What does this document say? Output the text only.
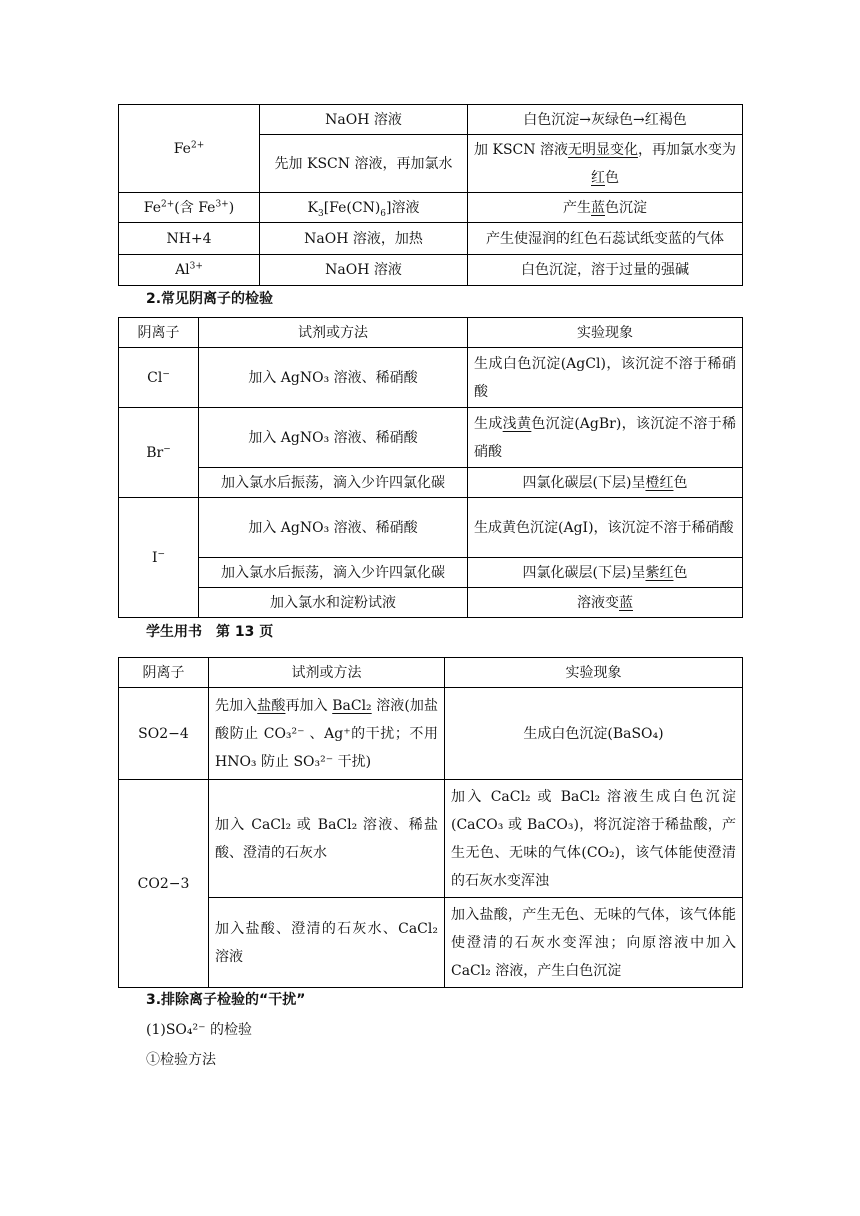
$Fe^{2+}$	NaOH 溶液	白色沉淀→灰绿色→红褐色
	先加 KSCN 溶液，再加氯水	加 KSCN 溶液无明显变化，再加氯水变为红色
$Fe^{2+}$(含 $Fe^{3+}$)	$K_3[Fe(CN)_6]$溶液	产生蓝色沉淀
NH+4	NaOH 溶液，加热	产生使湿润的红色石蕊试纸变蓝的气体
$Al^{3+}$	NaOH 溶液	白色沉淀，溶于过量的强碱
2.常见阴离子的检验
阴离子	试剂或方法	实验现象
Cl−	加入 AgNO₃ 溶液、稀硝酸	生成白色沉淀(AgCl)，该沉淀不溶于稀硝酸
Br−	加入 AgNO₃ 溶液、稀硝酸	生成浅黄色沉淀(AgBr)，该沉淀不溶于稀硝酸
	加入氯水后振荡，滴入少许四氯化碳	四氯化碳层(下层)呈橙红色
I−	加入 AgNO₃ 溶液、稀硝酸	生成黄色沉淀(AgI)，该沉淀不溶于稀硝酸
	加入氯水后振荡，滴入少许四氯化碳	四氯化碳层(下层)呈紫红色
	加入氯水和淀粉试液	溶液变蓝
学生用书　第 13 页
阴离子	试剂或方法	实验现象
SO2−4	先加入盐酸再加入 BaCl₂ 溶液(加盐酸防止 CO₃²⁻ 、Ag⁺的干扰；不用 HNO₃ 防止 SO₃²⁻ 干扰)	生成白色沉淀(BaSO₄)
CO2−3	加入 CaCl₂ 或 BaCl₂ 溶液、稀盐酸、澄清的石灰水	加入 CaCl₂ 或 BaCl₂ 溶液生成白色沉淀(CaCO₃ 或 BaCO₃)，将沉淀溶于稀盐酸，产生无色、无味的气体(CO₂)，该气体能使澄清的石灰水变浑浊
	加入盐酸、澄清的石灰水、CaCl₂ 溶液	加入盐酸，产生无色、无味的气体，该气体能使澄清的石灰水变浑浊；向原溶液中加入 CaCl₂ 溶液，产生白色沉淀
3.排除离子检验的“干扰”
(1)SO₄²⁻ 的检验
①检验方法
